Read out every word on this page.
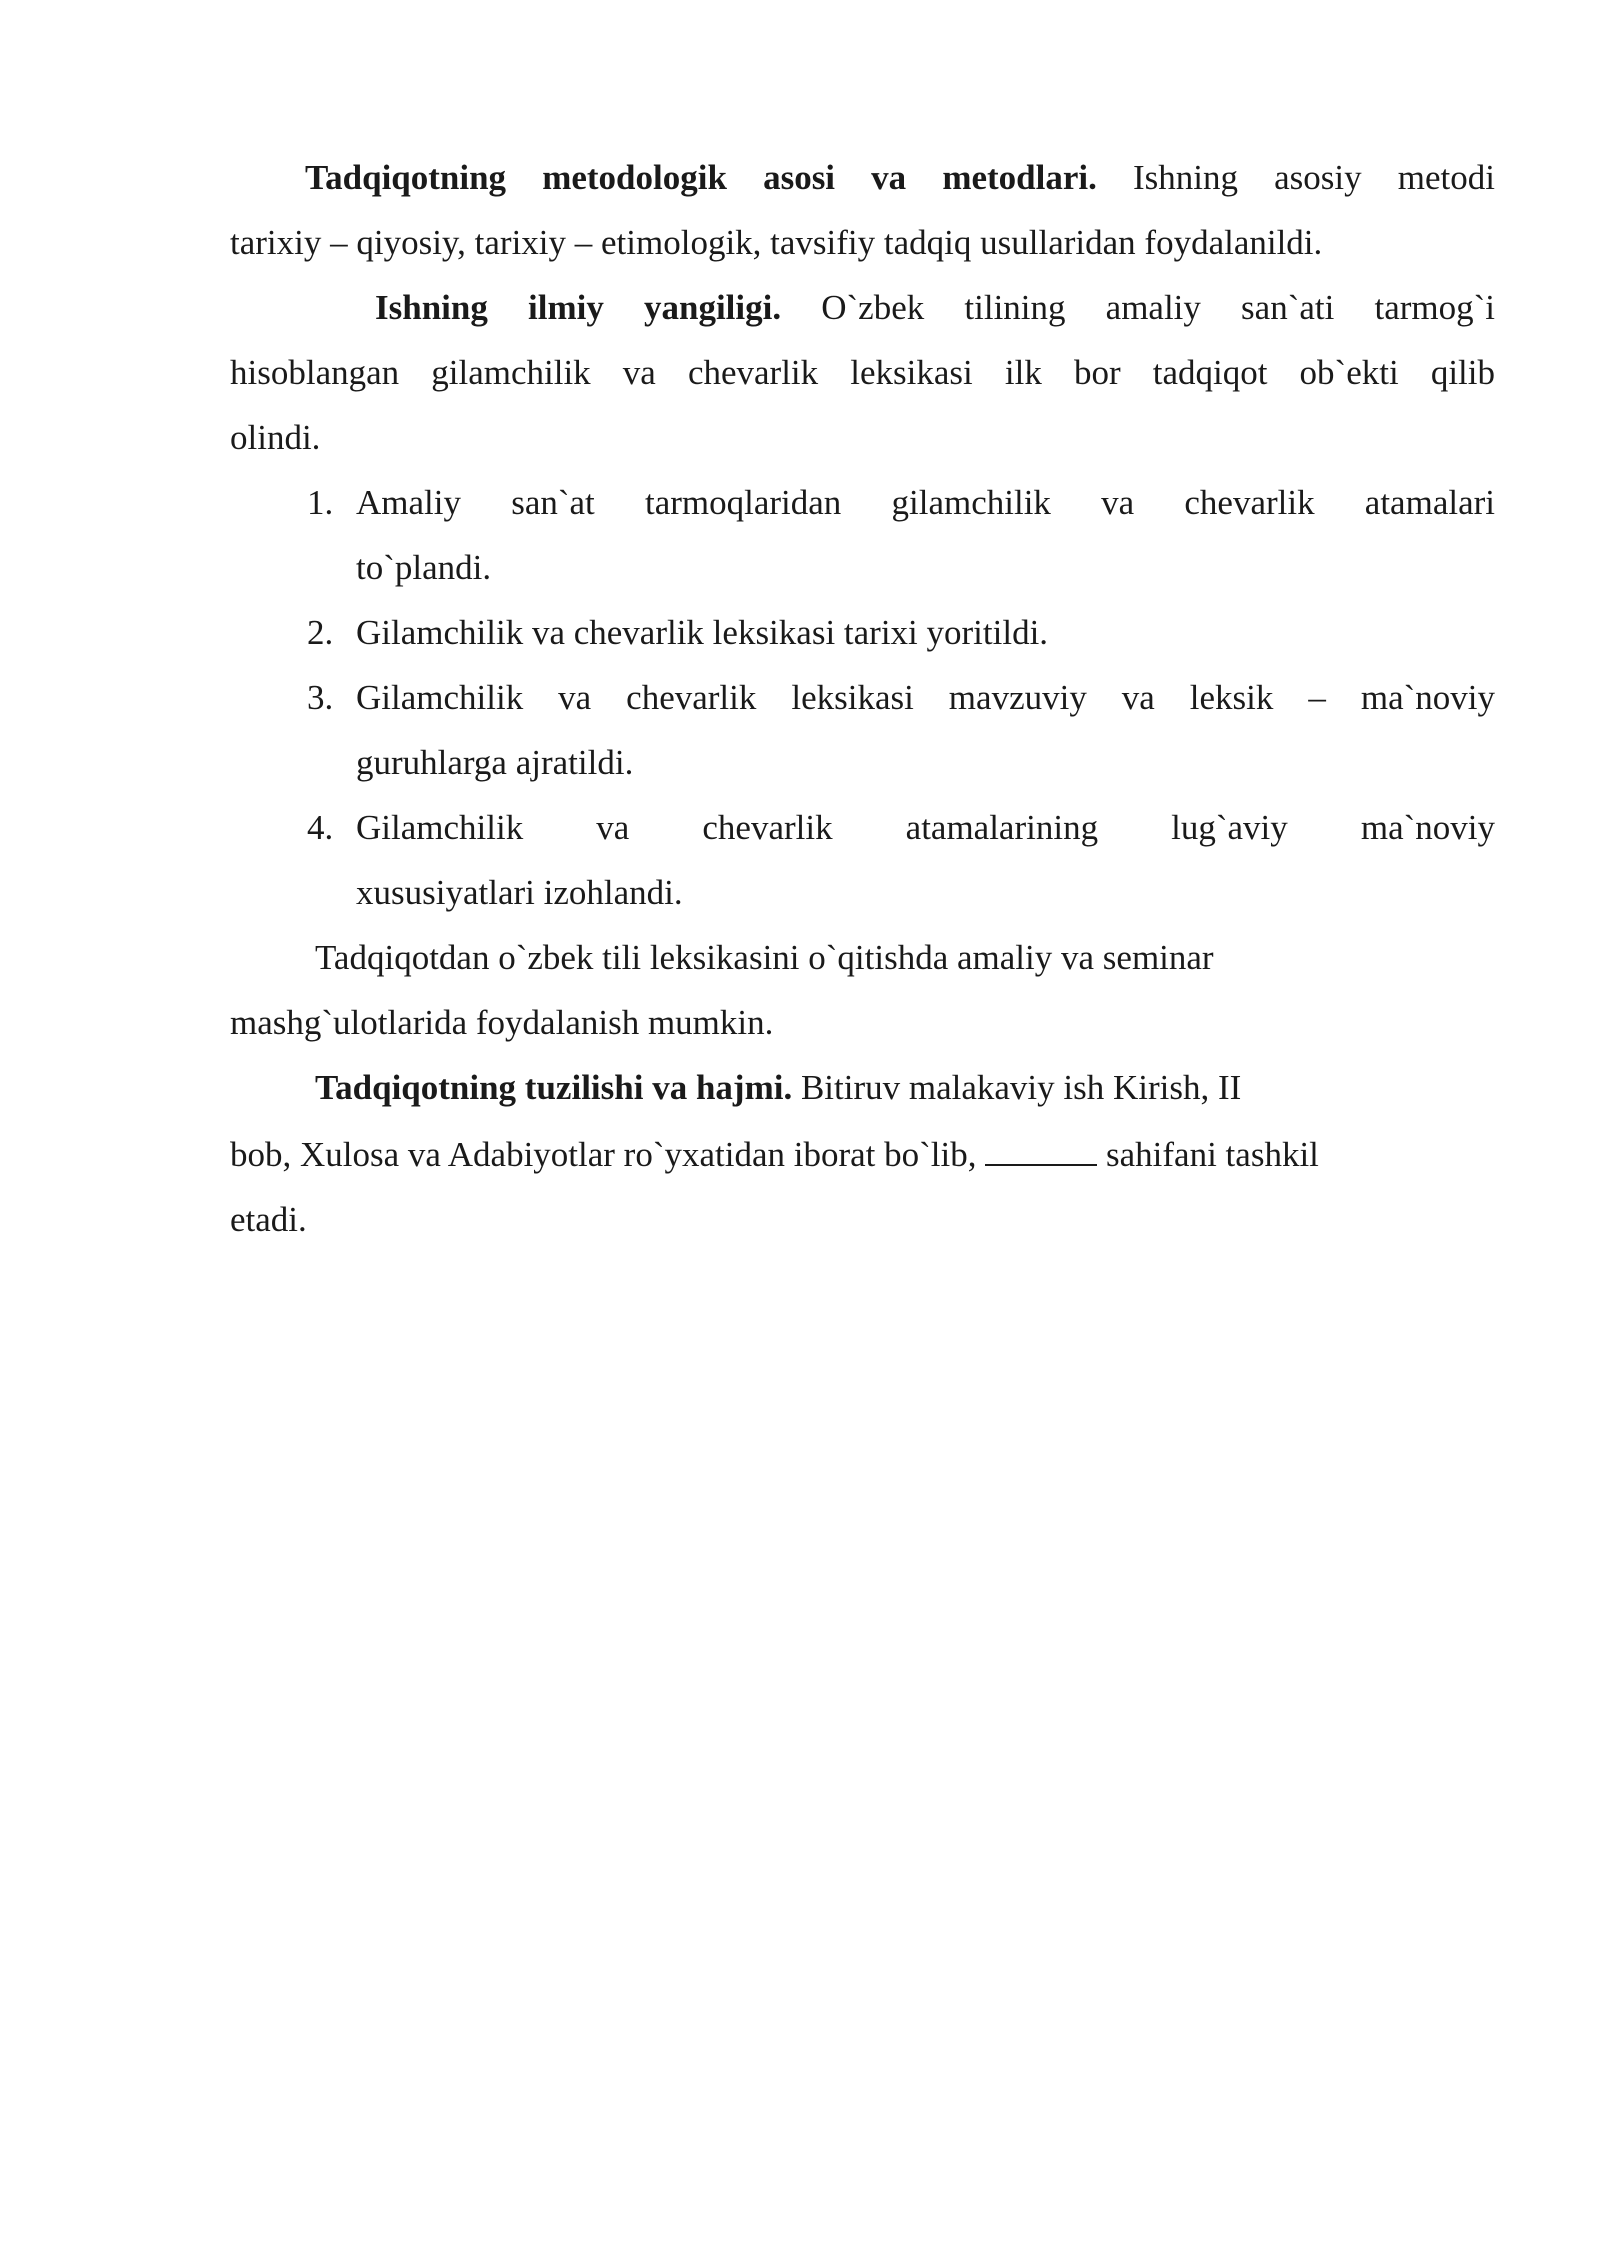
Tadqiqotning metodologik asosi va metodlari. Ishning asosiy metodi
tarixiy – qiyosiy, tarixiy – etimologik, tavsifiy tadqiq usullaridan foydalanildi.

Ishning ilmiy yangiligi. O`zbek tilining amaliy san`ati tarmog`i
hisoblangan gilamchilik va chevarlik leksikasi ilk bor tadqiqot ob`ekti qilib
olindi.

1. Amaliy san`at tarmoqlaridan gilamchilik va chevarlik atamalari
to`plandi.
2. Gilamchilik va chevarlik leksikasi tarixi yoritildi.
3. Gilamchilik va chevarlik leksikasi mavzuviy va leksik – ma`noviy
guruhlarga ajratildi.
4. Gilamchilik va chevarlik atamalarining lug`aviy ma`noviy
xususiyatlari izohlandi.

Tadqiqotdan o`zbek tili leksikasini o`qitishda amaliy va seminar
mashg`ulotlarida foydalanish mumkin.

Tadqiqotning tuzilishi va hajmi. Bitiruv malakaviy ish Kirish, II
bob, Xulosa va Adabiyotlar ro`yxatidan iborat bo`lib,	sahifani tashkil
etadi.
